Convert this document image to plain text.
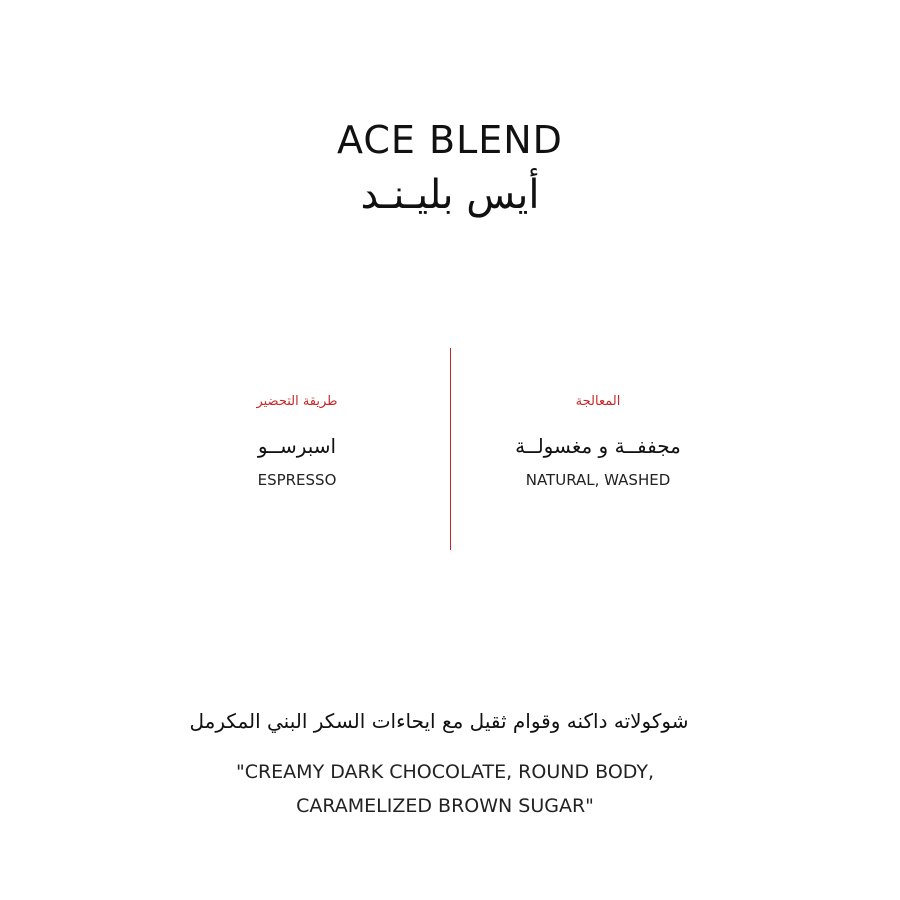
ACE BLEND
أيس بليـنـد
طريقة التحضير
اسبرســو
ESPRESSO
المعالجة
مجففــة و مغسولــة
NATURAL, WASHED
شوكولاته داكنه وقوام ثقيل مع ايحاءات السكر البني المكرمل
"CREAMY DARK CHOCOLATE, ROUND BODY,
CARAMELIZED BROWN SUGAR"
